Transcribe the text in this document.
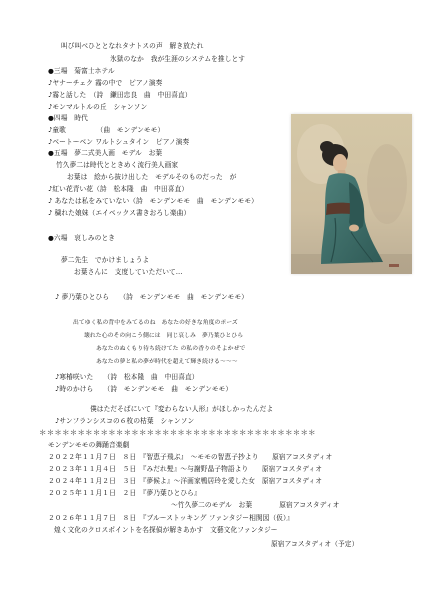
叫び叫べひととなれタナトスの声　解き放たれ
氷獄のなか　我が生涯のシステムを推しとす
●三場　菊富士ホテル
♪ヤナーチェク 霧の中で　ピアノ演奏
♪霧と話した　（詩　鎌田忠良　曲　中田喜直）
♪モンマルトルの丘　シャンソン
●四場　時代
♪童歌　　　　　（曲　モンデンモモ）
♪ベートーベン ワルトシュタイン　ピアノ演奏
●五場　夢二式美人画　モデル　お葉
竹久夢二は時代とときめく流行美人画家
お葉は　絵から抜け出した　モデルそのものだった　が
♪紅い花青い花（詩　松本隆　曲　中田喜直）
♪ あなたは私をみていない（詩　モンデンモモ　曲　モンデンモモ）
♪ 穢れた娘妹（エイベックス書きおろし楽曲）
●六場　哀しみのとき
夢二先生　でかけましょうよ
お葉さんに　支度していただいて…
♪ 夢乃葉ひとひら　　（詩　モンデンモモ　曲　モンデンモモ）
出てゆく私の背中をみてるのね　あなたの好きな角度のポーズ
壊れた心のその向こう側には　同じ哀しみ　夢乃葉ひとひら
あなたのぬくもり待ち続けてた の私の香りのそよかぜで
あなたの夢と私の夢が時代を超えて輝き続ける～～～
♪寒椿咲いた　　（詩　松本隆　曲　中田喜直）
♪時のかけら　　（詩　モンデンモモ　曲　モンデンモモ）
僕はただそばにいて『変わらない人形』がほしかったんだよ
♪サンフランシスコの６枚の枯葉　シャンソン
＊＊＊＊＊＊＊＊＊＊＊＊＊＊＊＊＊＊＊＊＊＊＊＊＊＊＊＊＊＊＊＊＊＊＊＊
モンデンモモの舞踊音楽劇
２０２２年１１月７日　８日　『智恵子飛ぶ』　～モモの智恵子抄より　　原宿アコスタディオ
２０２３年１１月４日　５日　『みだれ髪』～与謝野晶子物語より　　原宿アコスタディオ
２０２４年１１月２日　３日　『夢候よ』～洋画家鴨居玲を愛した女　原宿アコスタディオ
２０２５年１１月１日　２日　『夢乃葉ひとひら』
～竹久夢二のモデル　お葉　　　　原宿アコスタディオ
２０２６年１１月７日　８日　『ブルーストッキング ファンタジー相関図（仮）』
煌く文化のクロスポイントを名探偵が解きあかす　文藝文化ファンタジー
原宿アコスタディオ（予定）
